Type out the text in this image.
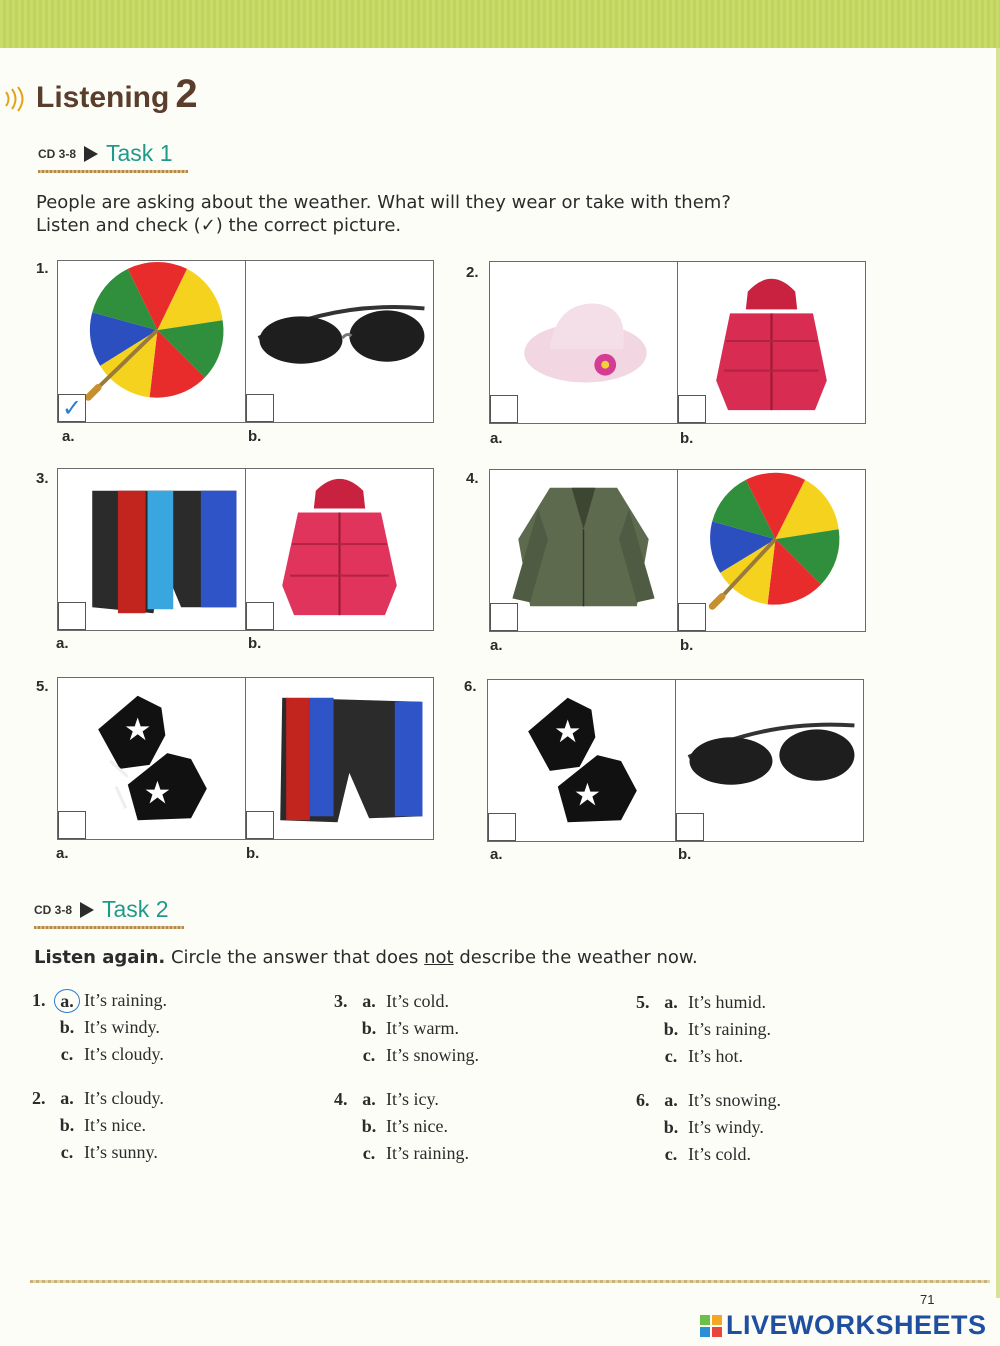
Listening 2
CD 3-8 Task 1
People are asking about the weather. What will they wear or take with them?
Listen and check (✓) the correct picture.
1.
✓
a.	b.
2.
a.	b.
3.
a.	b.
4.
a.	b.
5.
a.	b.
6.
a.	b.
CD 3-8 Task 2
Listen again. Circle the answer that does not describe the weather now.
1. a. It’s raining.
b. It’s windy.
c. It’s cloudy.
2. a. It’s cloudy.
b. It’s nice.
c. It’s sunny.
3. a. It’s cold.
b. It’s warm.
c. It’s snowing.
4. a. It’s icy.
b. It’s nice.
c. It’s raining.
5. a. It’s humid.
b. It’s raining.
c. It’s hot.
6. a. It’s snowing.
b. It’s windy.
c. It’s cold.
71
LIVEWORKSHEETS
